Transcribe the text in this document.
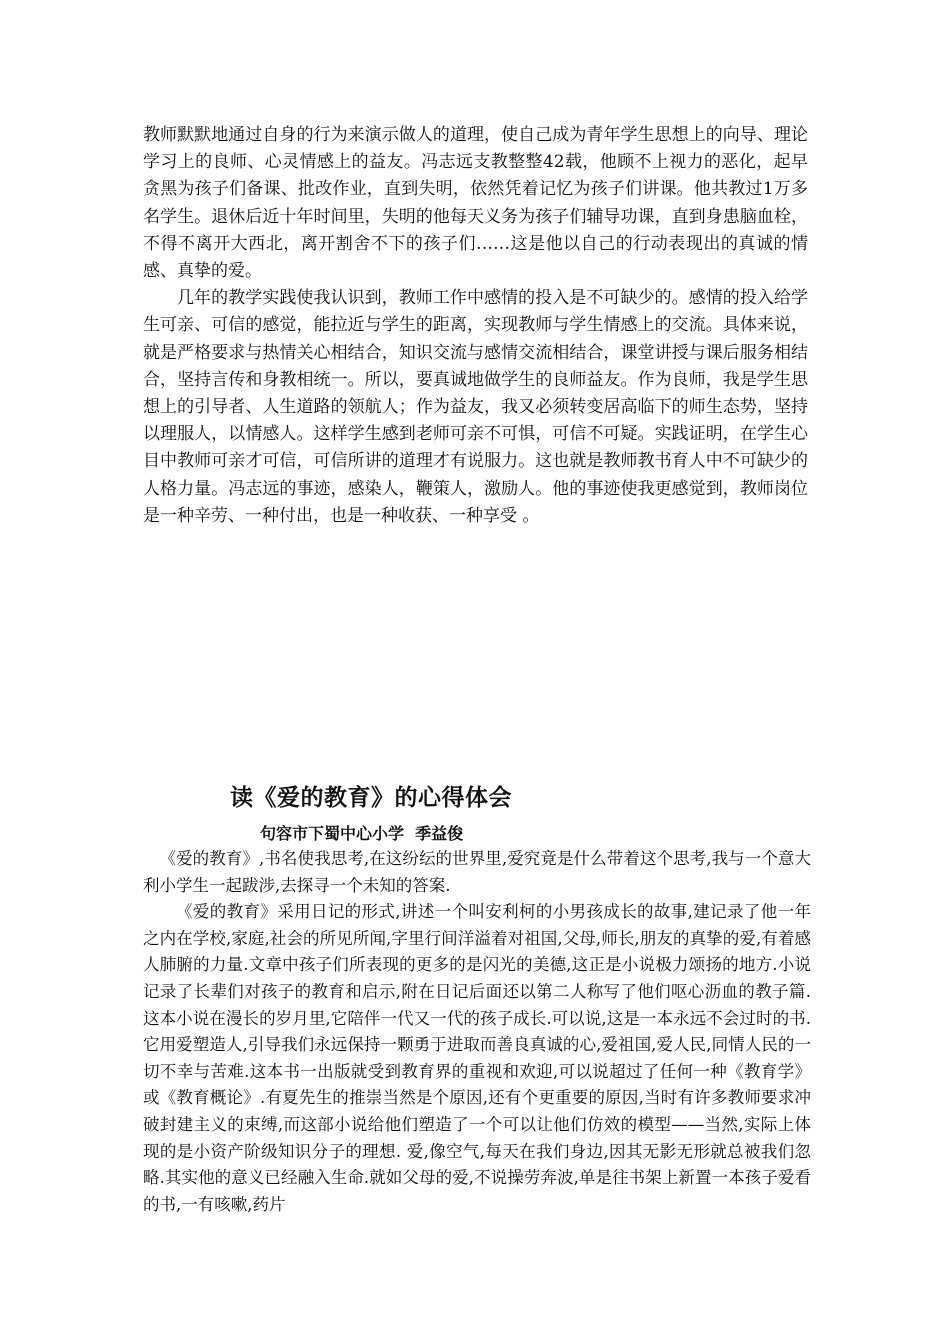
教师默默地通过自身的行为来演示做人的道理，使自己成为青年学生思想上的向导、理论学习上的良师、心灵情感上的益友。冯志远支教整整42载，他顾不上视力的恶化，起早贪黑为孩子们备课、批改作业，直到失明，依然凭着记忆为孩子们讲课。他共教过1万多名学生。退休后近十年时间里，失明的他每天义务为孩子们辅导功课，直到身患脑血栓，不得不离开大西北，离开割舍不下的孩子们……这是他以自己的行动表现出的真诚的情感、真挚的爱。

几年的教学实践使我认识到，教师工作中感情的投入是不可缺少的。感情的投入给学生可亲、可信的感觉，能拉近与学生的距离，实现教师与学生情感上的交流。具体来说，就是严格要求与热情关心相结合，知识交流与感情交流相结合，课堂讲授与课后服务相结合，坚持言传和身教相统一。所以，要真诚地做学生的良师益友。作为良师，我是学生思想上的引导者、人生道路的领航人；作为益友，我又必须转变居高临下的师生态势，坚持以理服人，以情感人。这样学生感到老师可亲不可惧，可信不可疑。实践证明，在学生心目中教师可亲才可信，可信所讲的道理才有说服力。这也就是教师教书育人中不可缺少的人格力量。冯志远的事迹，感染人，鞭策人，激励人。他的事迹使我更感觉到，教师岗位是一种辛劳、一种付出，也是一种收获、一种享受 。

读《爱的教育》的心得体会

句容市下蜀中心小学  季益俊

《爱的教育》,书名使我思考,在这纷纭的世界里,爱究竟是什么带着这个思考,我与一个意大利小学生一起跋涉,去探寻一个未知的答案.

《爱的教育》采用日记的形式,讲述一个叫安利柯的小男孩成长的故事,建记录了他一年之内在学校,家庭,社会的所见所闻,字里行间洋溢着对祖国,父母,师长,朋友的真挚的爱,有着感人肺腑的力量.文章中孩子们所表现的更多的是闪光的美德,这正是小说极力颂扬的地方.小说记录了长辈们对孩子的教育和启示,附在日记后面还以第二人称写了他们呕心沥血的教子篇.这本小说在漫长的岁月里,它陪伴一代又一代的孩子成长.可以说,这是一本永远不会过时的书.它用爱塑造人,引导我们永远保持一颗勇于进取而善良真诚的心,爱祖国,爱人民,同情人民的一切不幸与苦难.这本书一出版就受到教育界的重视和欢迎,可以说超过了任何一种《教育学》或《教育概论》.有夏先生的推崇当然是个原因,还有个更重要的原因,当时有许多教师要求冲破封建主义的束缚,而这部小说给他们塑造了一个可以让他们仿效的模型——当然,实际上体现的是小资产阶级知识分子的理想. 爱,像空气,每天在我们身边,因其无影无形就总被我们忽略.其实他的意义已经融入生命.就如父母的爱,不说操劳奔波,单是往书架上新置一本孩子爱看的书,一有咳嗽,药片
